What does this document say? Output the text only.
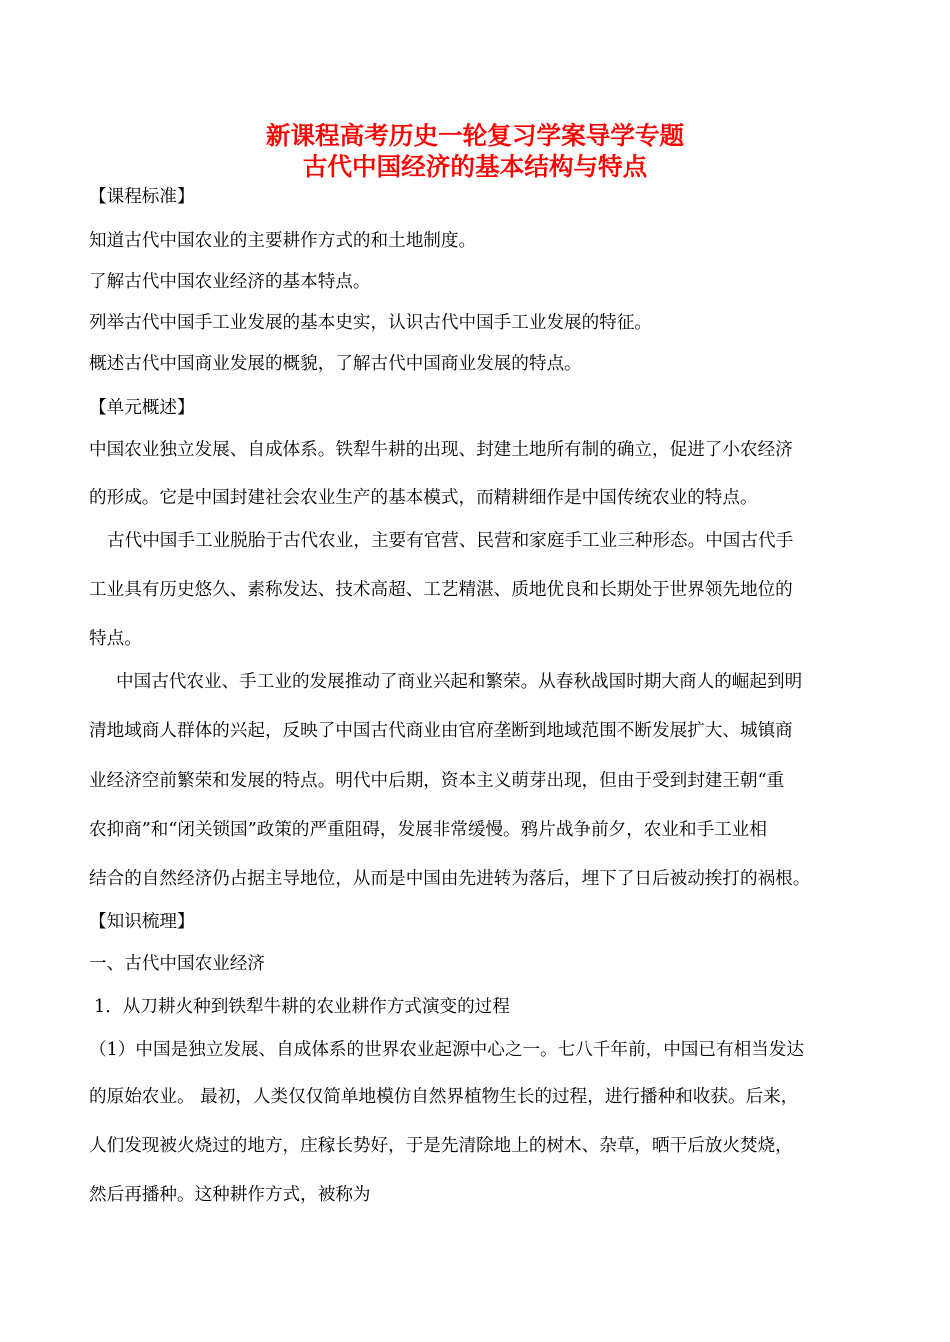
新课程高考历史一轮复习学案导学专题
古代中国经济的基本结构与特点
【课程标准】
知道古代中国农业的主要耕作方式的和土地制度。
了解古代中国农业经济的基本特点。
列举古代中国手工业发展的基本史实，认识古代中国手工业发展的特征。
概述古代中国商业发展的概貌，了解古代中国商业发展的特点。
【单元概述】
中国农业独立发展、自成体系。铁犁牛耕的出现、封建土地所有制的确立，促进了小农经济
的形成。它是中国封建社会农业生产的基本模式，而精耕细作是中国传统农业的特点。
古代中国手工业脱胎于古代农业，主要有官营、民营和家庭手工业三种形态。中国古代手
工业具有历史悠久、素称发达、技术高超、工艺精湛、质地优良和长期处于世界领先地位的
特点。
中国古代农业、手工业的发展推动了商业兴起和繁荣。从春秋战国时期大商人的崛起到明
清地域商人群体的兴起，反映了中国古代商业由官府垄断到地域范围不断发展扩大、城镇商
业经济空前繁荣和发展的特点。明代中后期，资本主义萌芽出现，但由于受到封建王朝“重
农抑商”和“闭关锁国”政策的严重阻碍，发展非常缓慢。鸦片战争前夕，农业和手工业相
结合的自然经济仍占据主导地位，从而是中国由先进转为落后，埋下了日后被动挨打的祸根。
【知识梳理】
一、古代中国农业经济
1．从刀耕火种到铁犁牛耕的农业耕作方式演变的过程
（1）中国是独立发展、自成体系的世界农业起源中心之一。七八千年前，中国已有相当发达
的原始农业。 最初，人类仅仅简单地模仿自然界植物生长的过程，进行播种和收获。后来，
人们发现被火烧过的地方，庄稼长势好，于是先清除地上的树木、杂草，晒干后放火焚烧，
然后再播种。这种耕作方式，被称为
